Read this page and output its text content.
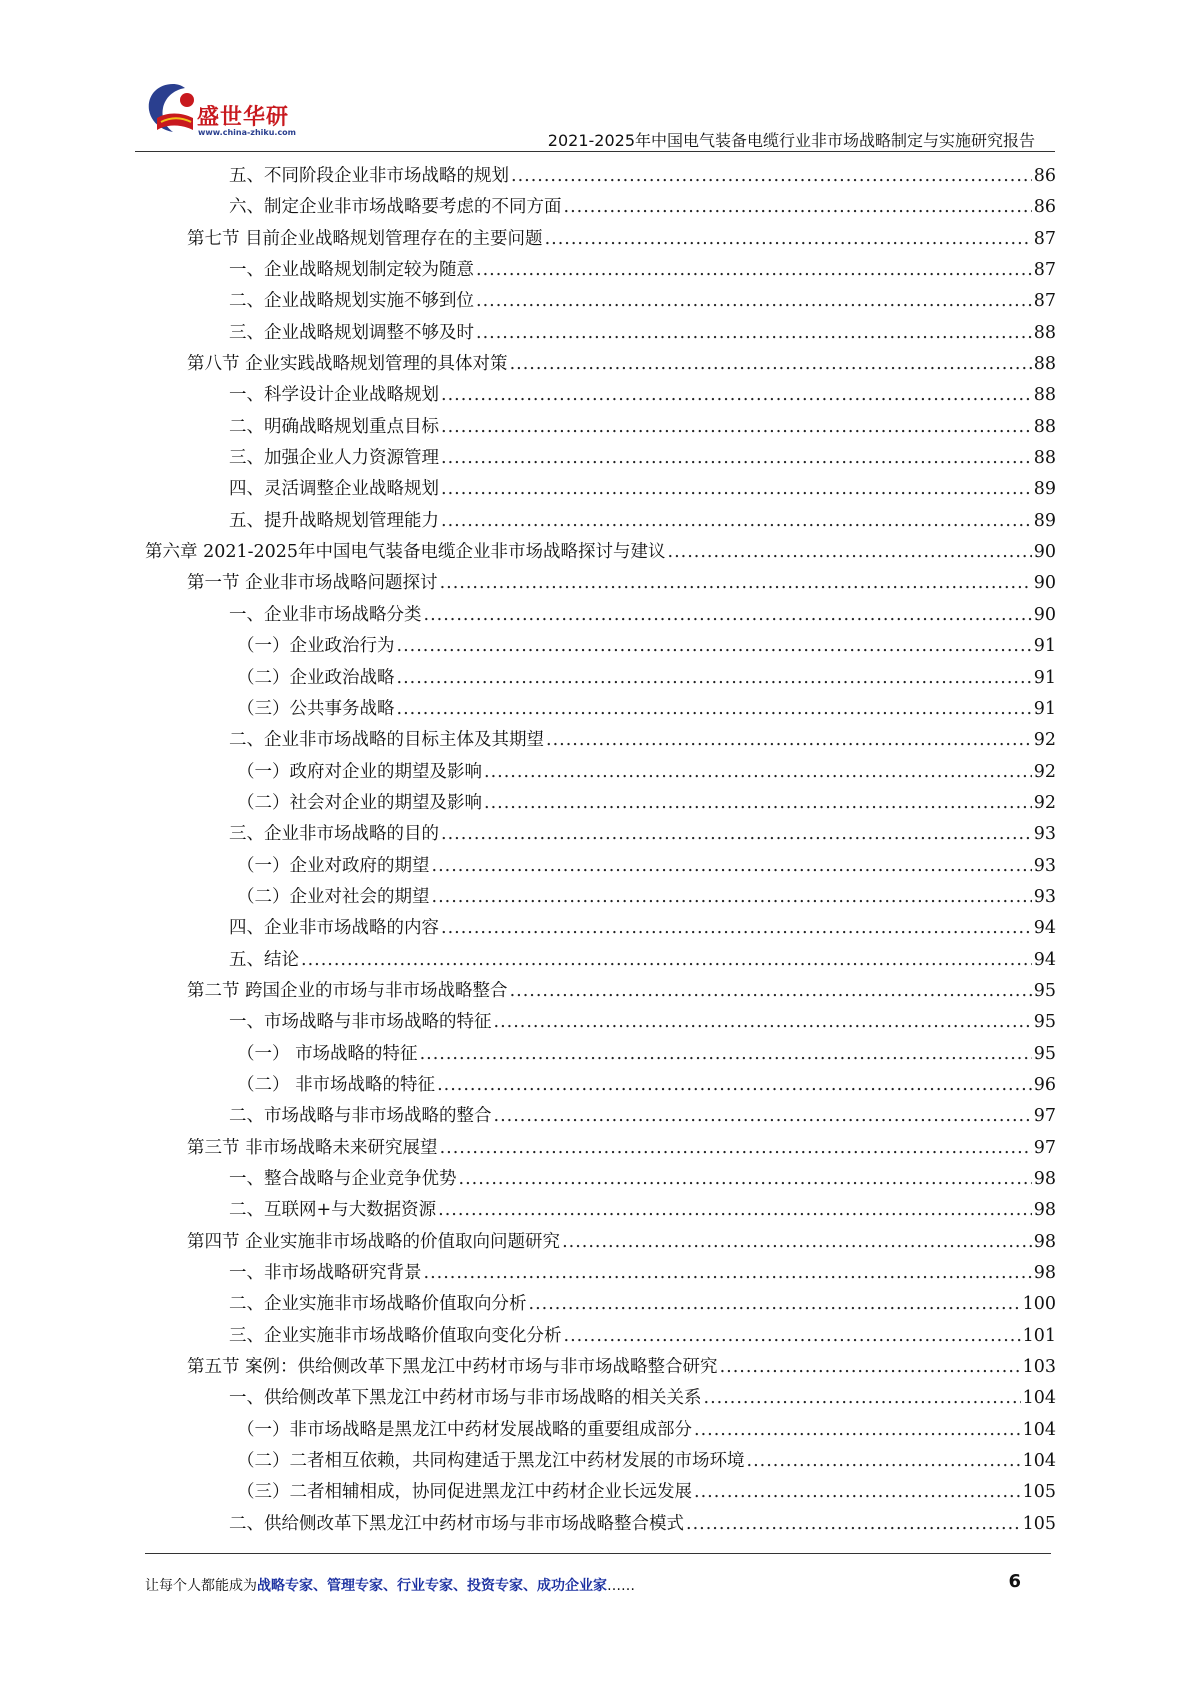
盛世华研
www.china-zhiku.com	2021-2025年中国电气装备电缆行业非市场战略制定与实施研究报告
五、不同阶段企业非市场战略的规划 .....	86
六、制定企业非市场战略要考虑的不同方面 .....	86
第七节 目前企业战略规划管理存在的主要问题 .....	87
一、企业战略规划制定较为随意 .....	87
二、企业战略规划实施不够到位 .....	87
三、企业战略规划调整不够及时 .....	88
第八节 企业实践战略规划管理的具体对策 .....	88
一、科学设计企业战略规划 .....	88
二、明确战略规划重点目标 .....	88
三、加强企业人力资源管理 .....	88
四、灵活调整企业战略规划 .....	89
五、提升战略规划管理能力 .....	89
第六章 2021-2025年中国电气装备电缆企业非市场战略探讨与建议 .....	90
第一节 企业非市场战略问题探讨 .....	90
一、企业非市场战略分类 .....	90
（一）企业政治行为 .....	91
（二）企业政治战略 .....	91
（三）公共事务战略 .....	91
二、企业非市场战略的目标主体及其期望 .....	92
（一）政府对企业的期望及影响 .....	92
（二）社会对企业的期望及影响 .....	92
三、企业非市场战略的目的 .....	93
（一）企业对政府的期望 .....	93
（二）企业对社会的期望 .....	93
四、企业非市场战略的内容 .....	94
五、结论 .....	94
第二节 跨国企业的市场与非市场战略整合 .....	95
一、市场战略与非市场战略的特征 .....	95
（一） 市场战略的特征 .....	95
（二） 非市场战略的特征 .....	96
二、市场战略与非市场战略的整合 .....	97
第三节 非市场战略未来研究展望 .....	97
一、整合战略与企业竞争优势 .....	98
二、互联网+与大数据资源 .....	98
第四节 企业实施非市场战略的价值取向问题研究 .....	98
一、非市场战略研究背景 .....	98
二、企业实施非市场战略价值取向分析 .....	100
三、企业实施非市场战略价值取向变化分析 .....	101
第五节 案例：供给侧改革下黑龙江中药材市场与非市场战略整合研究 .....	103
一、供给侧改革下黑龙江中药材市场与非市场战略的相关关系 .....	104
（一）非市场战略是黑龙江中药材发展战略的重要组成部分 .....	104
（二）二者相互依赖，共同构建适于黑龙江中药材发展的市场环境 .....	104
（三）二者相辅相成，协同促进黑龙江中药材企业长远发展 .....	105
二、供给侧改革下黑龙江中药材市场与非市场战略整合模式 .....	105
让每个人都能成为战略专家、管理专家、行业专家、投资专家、成功企业家……	6
